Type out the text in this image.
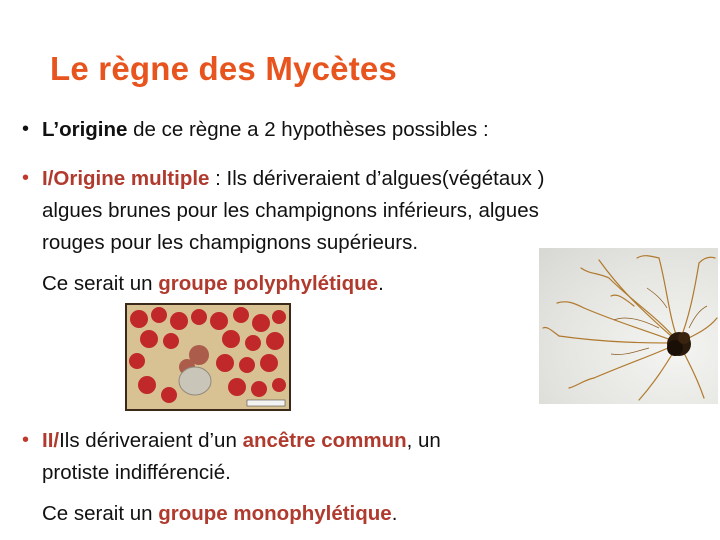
Le règne des Mycètes
• L’origine de ce règne a 2 hypothèses possibles :
• I/Origine multiple : Ils dériveraient d’algues(végétaux )
algues brunes pour les champignons inférieurs, algues
rouges pour les champignons supérieurs.
Ce serait un groupe polyphylétique.
• II/Ils dériveraient d’un ancêtre commun, un
protiste indifférencié.
Ce serait un groupe monophylétique.
